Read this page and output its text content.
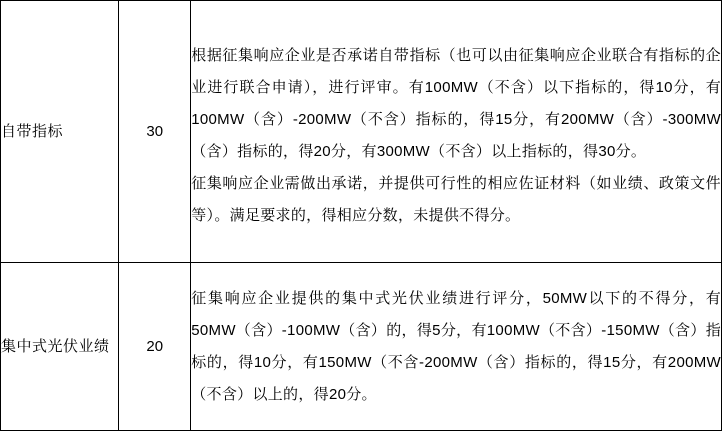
自带指标	30	根据征集响应企业是否承诺自带指标（也可以由征集响应企业联合有指标的企业进行联合申请），进行评审。有100MW（不含）以下指标的，得10分，有100MW（含）-200MW（不含）指标的，得15分，有200MW（含）-300MW（含）指标的，得20分，有300MW（不含）以上指标的，得30分。

征集响应企业需做出承诺，并提供可行性的相应佐证材料（如业绩、政策文件等）。满足要求的，得相应分数，未提供不得分。

集中式光伏业绩	20	征集响应企业提供的集中式光伏业绩进行评分，50MW以下的不得分，有50MW（含）-100MW（含）的，得5分，有100MW（不含）-150MW（含）指标的，得10分，有150MW（不含-200MW（含）指标的，得15分，有200MW（不含）以上的，得20分。
